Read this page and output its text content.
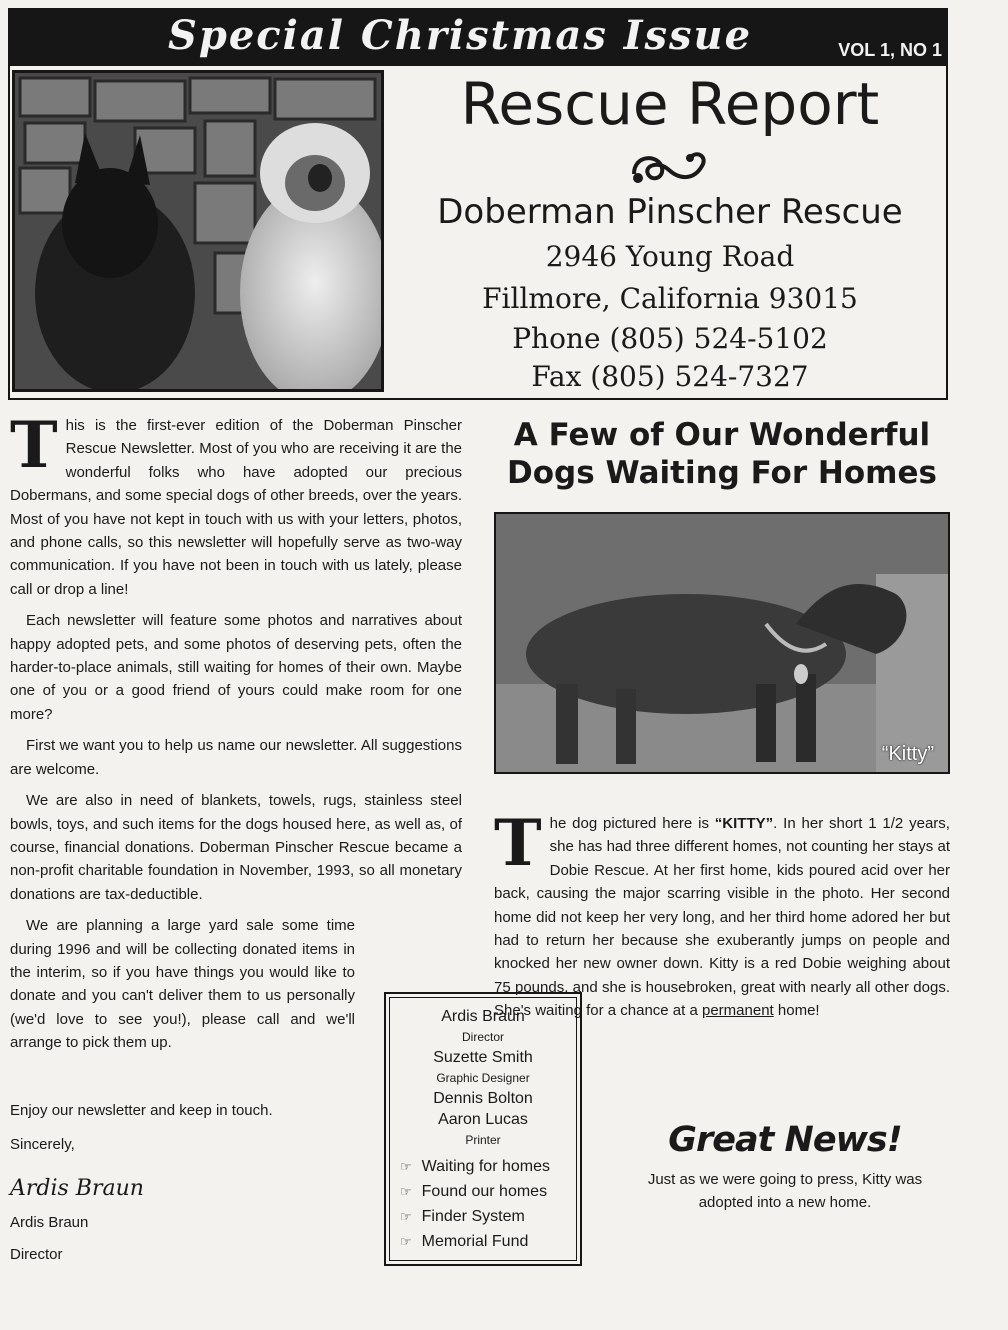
Special Christmas Issue	VOL 1, NO 1
Rescue Report
Doberman Pinscher Rescue
2946 Young Road
Fillmore, California 93015
Phone (805) 524-5102
Fax (805) 524-7327

This is the first-ever edition of the Doberman Pinscher Rescue Newsletter. Most of you who are receiving it are the wonderful folks who have adopted our precious Dobermans, and some special dogs of other breeds, over the years. Most of you have not kept in touch with us with your letters, photos, and phone calls, so this newsletter will hopefully serve as two-way communication. If you have not been in touch with us lately, please call or drop a line!

Each newsletter will feature some photos and narratives about happy adopted pets, and some photos of deserving pets, often the harder-to-place animals, still waiting for homes of their own. Maybe one of you or a good friend of yours could make room for one more?

First we want you to help us name our newsletter. All suggestions are welcome.

We are also in need of blankets, towels, rugs, stainless steel bowls, toys, and such items for the dogs housed here, as well as, of course, financial donations. Doberman Pinscher Rescue became a non-profit charitable foundation in November, 1993, so all monetary donations are tax-deductible.

We are planning a large yard sale some time during 1996 and will be collecting donated items in the interim, so if you have things you would like to donate and you can't deliver them to us personally (we'd love to see you!), please call and we'll arrange to pick them up.

Enjoy our newsletter and keep in touch.
Sincerely,
Ardis Braun
Ardis Braun
Director
A Few of Our Wonderful Dogs Waiting For Homes
“Kitty”

The dog pictured here is “KITTY”. In her short 1 1/2 years, she has had three different homes, not counting her stays at Dobie Rescue. At her first home, kids poured acid over her back, causing the major scarring visible in the photo. Her second home did not keep her very long, and her third home adored her but had to return her because she exuberantly jumps on people and knocked her new owner down. Kitty is a red Dobie weighing about 75 pounds, and she is housebroken, great with nearly all other dogs. She's waiting for a chance at a permanent home!

Ardis Braun
Director
Suzette Smith
Graphic Designer
Dennis Bolton
Aaron Lucas
Printer
☞ Waiting for homes
☞ Found our homes
☞ Finder System
☞ Memorial Fund
Great News!
Just as we were going to press, Kitty was adopted into a new home.
